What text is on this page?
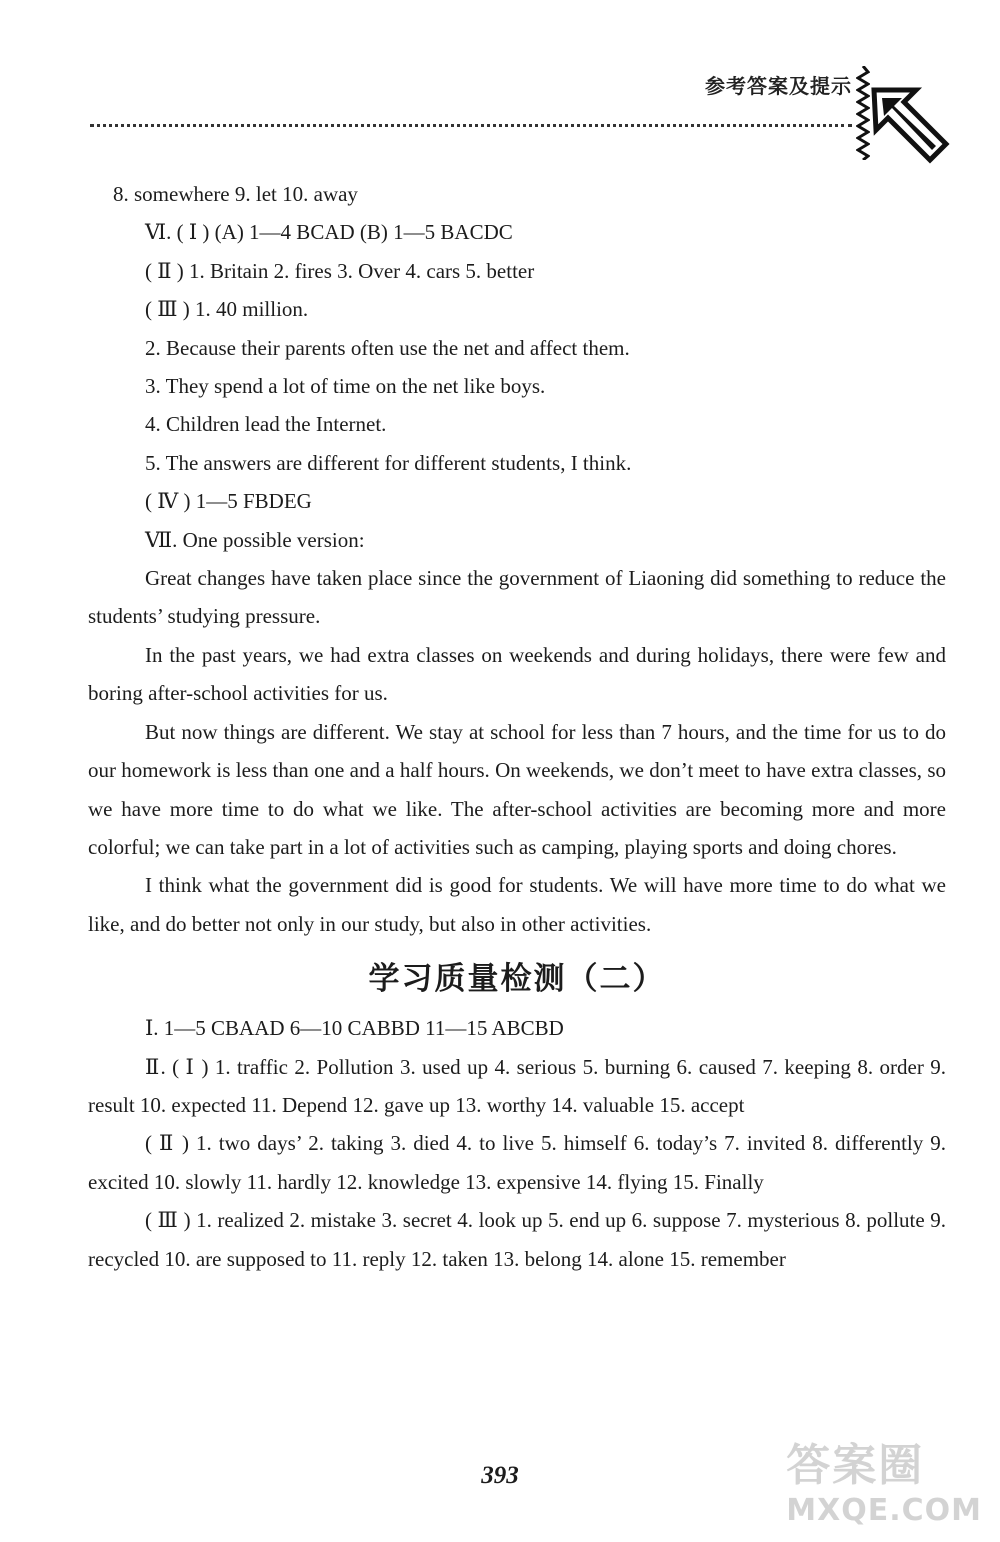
参考答案及提示
8. somewhere 9. let 10. away
Ⅵ. ( Ⅰ ) (A) 1—4 BCAD (B) 1—5 BACDC
( Ⅱ ) 1. Britain 2. fires 3. Over 4. cars 5. better
( Ⅲ ) 1. 40 million.
2. Because their parents often use the net and affect them.
3. They spend a lot of time on the net like boys.
4. Children lead the Internet.
5. The answers are different for different students, I think.
( Ⅳ ) 1—5 FBDEG
Ⅶ. One possible version:

Great changes have taken place since the government of Liaoning did something to reduce the students’ studying pressure.

In the past years, we had extra classes on weekends and during holidays, there were few and boring after-school activities for us.

But now things are different. We stay at school for less than 7 hours, and the time for us to do our homework is less than one and a half hours. On weekends, we don’t meet to have extra classes, so we have more time to do what we like. The after-school activities are becoming more and more colorful; we can take part in a lot of activities such as camping, playing sports and doing chores.

I think what the government did is good for students. We will have more time to do what we like, and do better not only in our study, but also in other activities.

学习质量检测（二）
Ⅰ. 1—5 CBAAD 6—10 CABBD 11—15 ABCBD

Ⅱ. ( Ⅰ ) 1. traffic 2. Pollution 3. used up 4. serious 5. burning 6. caused 7. keeping 8. order 9. result 10. expected 11. Depend 12. gave up 13. worthy 14. valuable 15. accept

( Ⅱ ) 1. two days’ 2. taking 3. died 4. to live 5. himself 6. today’s 7. invited 8. differently 9. excited 10. slowly 11. hardly 12. knowledge 13. expensive 14. flying 15. Finally

( Ⅲ ) 1. realized 2. mistake 3. secret 4. look up 5. end up 6. suppose 7. mysterious 8. pollute 9. recycled 10. are supposed to 11. reply 12. taken 13. belong 14. alone 15. remember

393	答案圈
MXQE.COM
